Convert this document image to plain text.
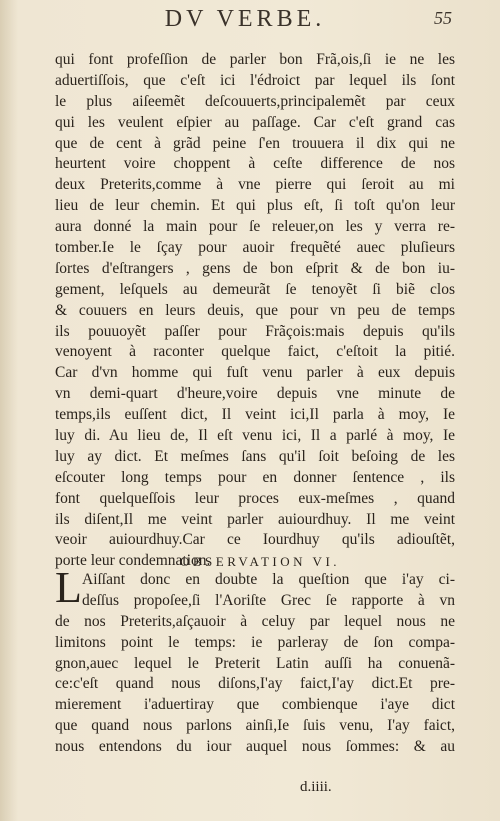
DV VERBE.	55
qui font profeſſion de parler bon Frã,ois,ſi ie ne les
aduertiſſois, que c'eſt ici l'édroict par lequel ils ſont
le plus aiſeemẽt deſcouuerts,principalemẽt par ceux
qui les veulent eſpier au paſſage. Car c'eſt grand cas
que de cent à grãd peine ſ'en trouuera il dix qui ne
heurtent voire choppent à ceſte difference de nos
deux Preterits,comme à vne pierre qui ſeroit au mi
lieu de leur chemin. Et qui plus eſt, ſi toſt qu'on leur
aura donné la main pour ſe releuer,on les y verra re-
tomber.Ie le ſçay pour auoir frequẽté auec pluſieurs
ſortes d'eſtrangers , gens de bon eſprit & de bon iu-
gement, leſquels au demeurãt ſe tenoyẽt ſi biẽ clos
& couuers en leurs deuis, que pour vn peu de temps
ils pouuoyẽt paſſer pour Frãçois:mais depuis qu'ils
venoyent à raconter quelque faict, c'eſtoit la pitié.
Car d'vn homme qui fuſt venu parler à eux depuis
vn demi-quart d'heure,voire depuis vne minute de
temps,ils euſſent dict, Il veint ici,Il parla à moy, Ie
luy di. Au lieu de, Il eſt venu ici, Il a parlé à moy, Ie
luy ay dict. Et meſmes ſans qu'il ſoit beſoing de les
eſcouter long temps pour en donner ſentence , ils
font quelqueſſois leur proces eux-meſmes , quand
ils diſent,Il me veint parler auiourdhuy. Il me veint
veoir auiourdhuy.Car ce Iourdhuy qu'ils adiouſtẽt,
porte leur condemnation.
OBSERVATION VI.
L Aiſſant donc en doubte la queſtion que i'ay ci-
deſſus propoſee,ſi l'Aoriſte Grec ſe rapporte à vn
de nos Preterits,aſçauoir à celuy par lequel nous ne
limitons point le temps: ie parleray de ſon compa-
gnon,auec lequel le Preterit Latin auſſi ha conuenã-
ce:c'eſt quand nous diſons,I'ay faict,I'ay dict.Et pre-
mierement i'aduertiray que combienque i'aye dict
que quand nous parlons ainſi,Ie ſuis venu, I'ay faict,
nous entendons du iour auquel nous ſommes: & au
d.iiii.
